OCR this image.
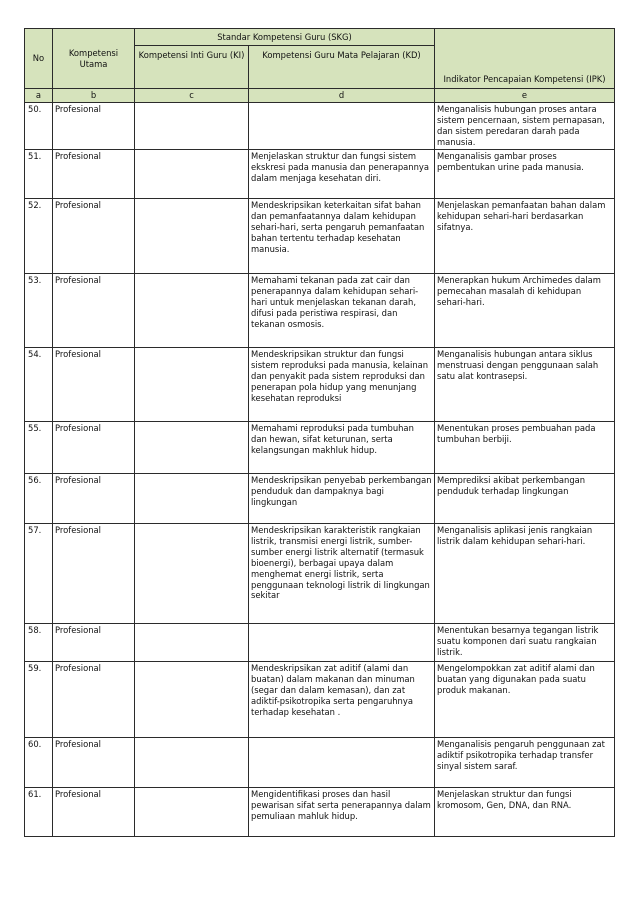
No	Kompetensi Utama	Standar Kompetensi Guru (SKG)		Indikator Pencapaian Kompetensi (IPK)
		Kompetensi Inti Guru (KI)	Kompetensi Guru Mata Pelajaran (KD)	
a	b	c	d	e
50.	Profesional			Menganalisis hubungan proses antara sistem pencernaan, sistem pernapasan, dan sistem peredaran darah pada manusia.
51.	Profesional		Menjelaskan struktur dan fungsi sistem ekskresi pada manusia dan penerapannya dalam menjaga kesehatan diri.	Menganalisis gambar proses pembentukan urine pada manusia.
52.	Profesional		Mendeskripsikan keterkaitan sifat bahan dan pemanfaatannya dalam kehidupan sehari-hari, serta pengaruh pemanfaatan bahan tertentu terhadap kesehatan manusia.	Menjelaskan pemanfaatan bahan dalam kehidupan sehari-hari berdasarkan sifatnya.
53.	Profesional		Memahami tekanan pada zat cair dan penerapannya dalam kehidupan sehari-hari untuk menjelaskan tekanan darah, difusi pada peristiwa respirasi, dan tekanan osmosis.	Menerapkan hukum Archimedes dalam pemecahan masalah di kehidupan sehari-hari.
54.	Profesional		Mendeskripsikan struktur dan fungsi sistem reproduksi pada manusia, kelainan dan penyakit pada sistem reproduksi dan penerapan pola hidup yang menunjang kesehatan reproduksi	Menganalisis hubungan antara siklus menstruasi dengan penggunaan salah satu alat kontrasepsi.
55.	Profesional		Memahami reproduksi pada tumbuhan dan hewan, sifat keturunan, serta kelangsungan makhluk hidup.	Menentukan proses pembuahan pada tumbuhan berbiji.
56.	Profesional		Mendeskripsikan penyebab perkembangan penduduk dan dampaknya bagi lingkungan	Memprediksi akibat perkembangan penduduk terhadap lingkungan
57.	Profesional		Mendeskripsikan karakteristik rangkaian listrik, transmisi energi listrik, sumber-sumber energi listrik alternatif (termasuk bioenergi), berbagai upaya dalam menghemat energi listrik, serta penggunaan teknologi listrik di lingkungan sekitar	Menganalisis aplikasi jenis rangkaian listrik dalam kehidupan sehari-hari.
58.	Profesional			Menentukan besarnya tegangan listrik suatu komponen dari suatu rangkaian listrik.
59.	Profesional		Mendeskripsikan zat aditif (alami dan buatan) dalam makanan dan minuman (segar dan dalam kemasan), dan zat adiktif-psikotropika serta pengaruhnya terhadap kesehatan .	Mengelompokkan zat aditif alami dan buatan yang digunakan pada suatu produk makanan.
60.	Profesional			Menganalisis pengaruh penggunaan zat adiktif psikotropika terhadap transfer sinyal sistem saraf.
61.	Profesional		Mengidentifikasi proses dan hasil pewarisan sifat serta penerapannya dalam pemuliaan mahluk hidup.	Menjelaskan struktur dan fungsi kromosom, Gen, DNA, dan RNA.
